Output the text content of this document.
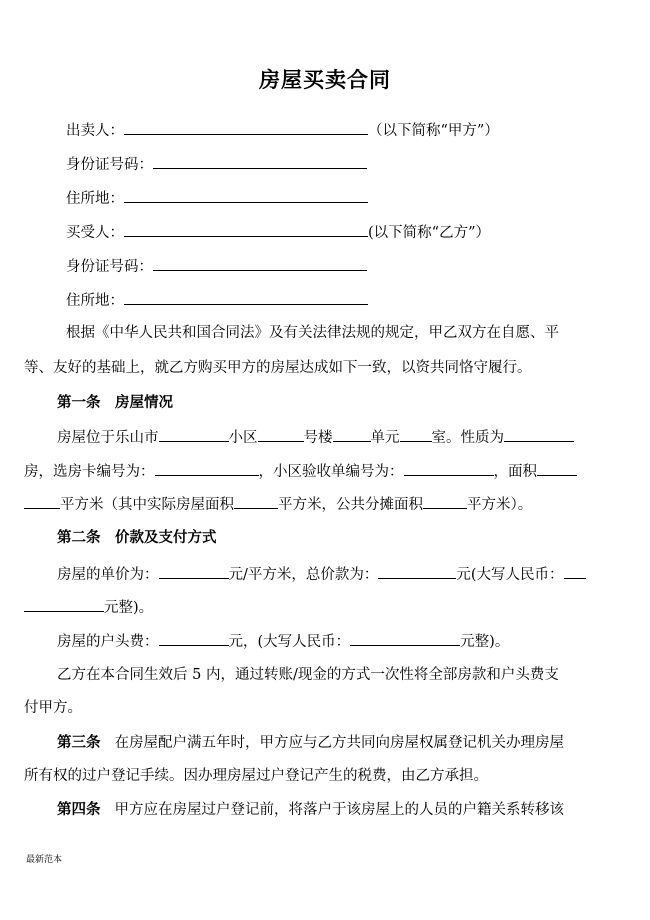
房屋买卖合同
出卖人：	（以下简称“甲方”）
身份证号码：
住所地：
买受人：	(以下简称“乙方”）
身份证号码：
住所地：
根据《中华人民共和国合同法》及有关法律法规的规定，甲乙双方在自愿、平
等、友好的基础上，就乙方购买甲方的房屋达成如下一致，以资共同恪守履行。
第一条　房屋情况
房屋位于乐山市	小区	号楼	单元 室。性质为
房，选房卡编号为：	，小区验收单编号为：	，面积
平方米（其中实际房屋面积	平方米，公共分摊面积	平方米）。
第二条　价款及支付方式
房屋的单价为：	元/平方米，总价款为：	元(大写人民币：
元整)。
房屋的户头费：	元，(大写人民币：	元整)。
乙方在本合同生效后 5 内，通过转账/现金的方式一次性将全部房款和户头费支
付甲方。
第三条 在房屋配户满五年时，甲方应与乙方共同向房屋权属登记机关办理房屋
所有权的过户登记手续。因办理房屋过户登记产生的税费，由乙方承担。
第四条 甲方应在房屋过户登记前，将落户于该房屋上的人员的户籍关系转移该
最新范本
